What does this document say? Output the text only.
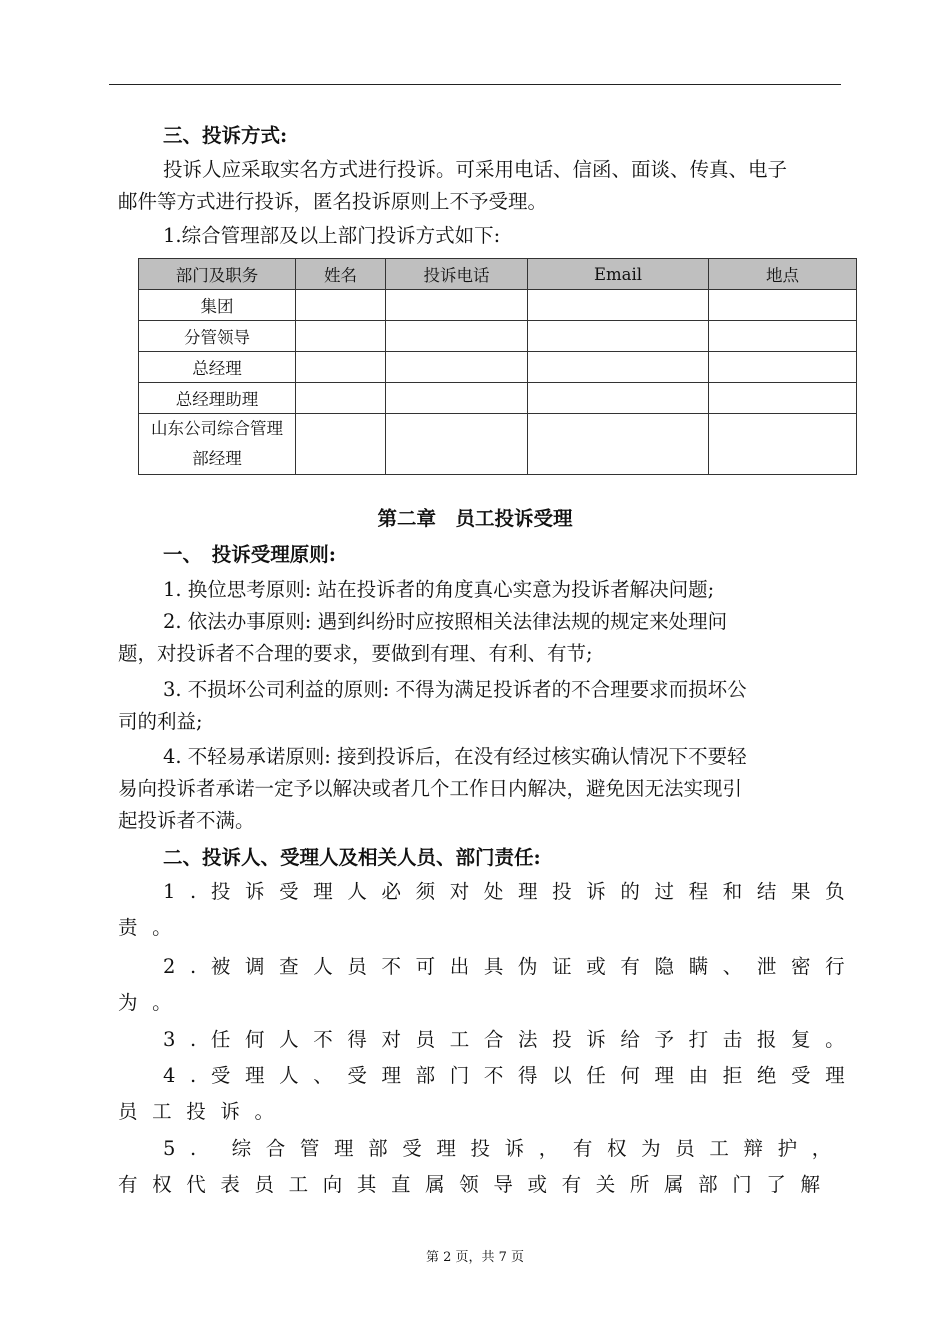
三、投诉方式:
投诉人应采取实名方式进行投诉。可采用电话、信函、面谈、传真、电子
邮件等方式进行投诉，匿名投诉原则上不予受理。
1.综合管理部及以上部门投诉方式如下:
部门及职务	姓名	投诉电话	Email	地点
集团				
分管领导				
总经理				
总经理助理				
山东公司综合管理部经理				
第二章　员工投诉受理
一、　投诉受理原则:
1. 换位思考原则: 站在投诉者的角度真心实意为投诉者解决问题;
2. 依法办事原则: 遇到纠纷时应按照相关法律法规的规定来处理问
题，对投诉者不合理的要求，要做到有理、有利、有节;
3. 不损坏公司利益的原则: 不得为满足投诉者的不合理要求而损坏公
司的利益;
4. 不轻易承诺原则: 接到投诉后，在没有经过核实确认情况下不要轻
易向投诉者承诺一定予以解决或者几个工作日内解决，避免因无法实现引
起投诉者不满。
二、投诉人、受理人及相关人员、部门责任:
1.投诉受理人必须对处理投诉的过程和结果负
责。
2.被调查人员不可出具伪证或有隐瞒、泄密行
为。
3.任何人不得对员工合法投诉给予打击报复。
4.受理人、受理部门不得以任何理由拒绝受理
员工投诉。
5. 综合管理部受理投诉，有权为员工辩护，
有权代表员工向其直属领导或有关所属部门了解
第 2 页，共 7 页
